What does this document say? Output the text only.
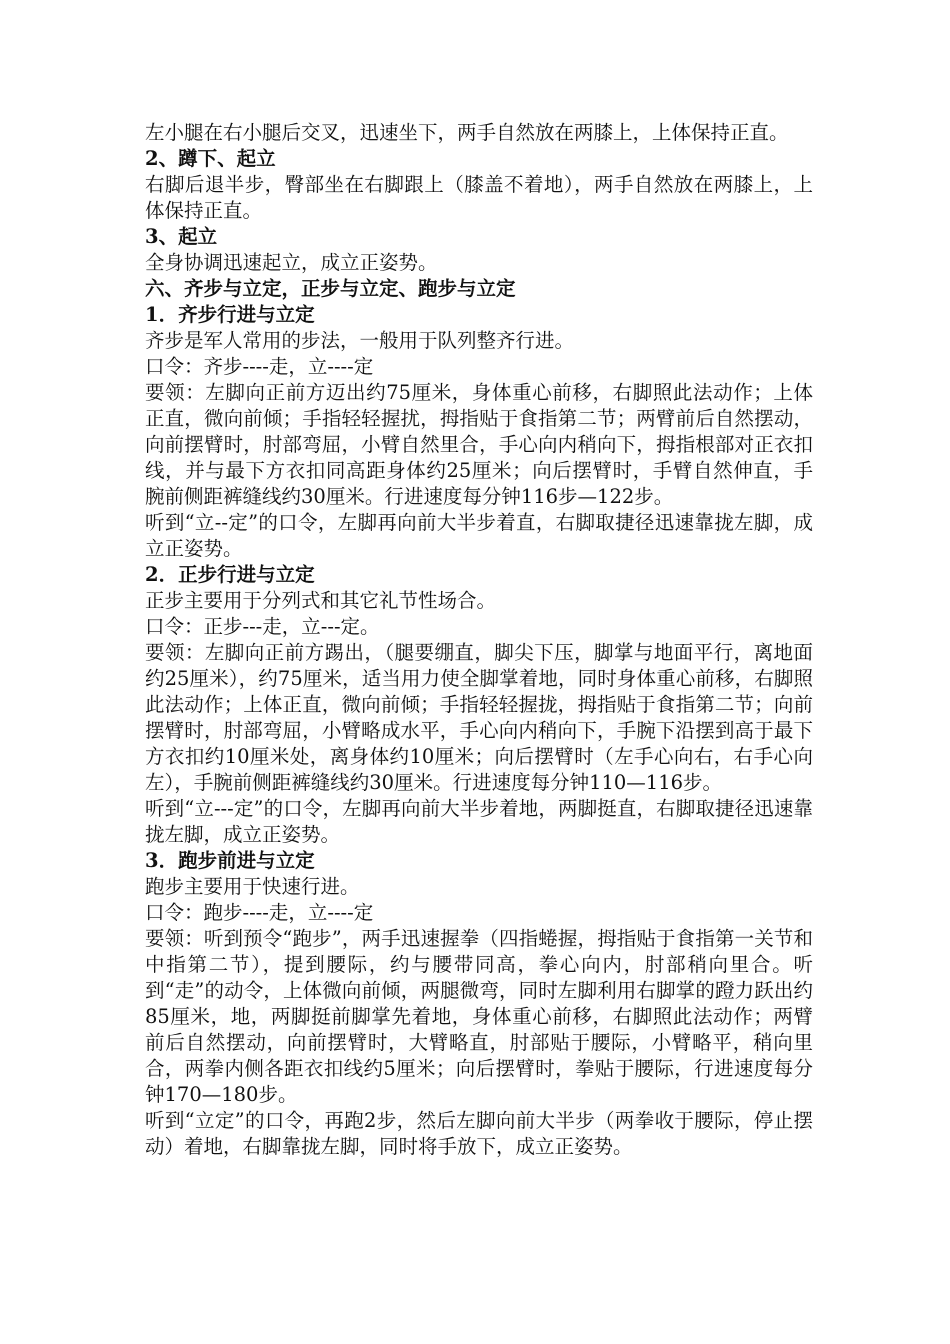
左小腿在右小腿后交叉，迅速坐下，两手自然放在两膝上，上体保持正直。

2、蹲下、起立

右脚后退半步，臀部坐在右脚跟上（膝盖不着地），两手自然放在两膝上，上体保持正直。

3、起立

全身协调迅速起立，成立正姿势。

六、齐步与立定，正步与立定、跑步与立定

1．齐步行进与立定

齐步是军人常用的步法，一般用于队列整齐行进。

口令：齐步----走，立----定

要领：左脚向正前方迈出约75厘米，身体重心前移，右脚照此法动作；上体正直，微向前倾；手指轻轻握扰，拇指贴于食指第二节；两臂前后自然摆动，向前摆臂时，肘部弯屈，小臂自然里合，手心向内稍向下，拇指根部对正衣扣线，并与最下方衣扣同高距身体约25厘米；向后摆臂时，手臂自然伸直，手腕前侧距裤缝线约30厘米。行进速度每分钟116步—122步。

听到“立--定”的口令，左脚再向前大半步着直，右脚取捷径迅速靠拢左脚，成立正姿势。

2．正步行进与立定

正步主要用于分列式和其它礼节性场合。

口令：正步---走，立---定。

要领：左脚向正前方踢出，（腿要绷直，脚尖下压，脚掌与地面平行，离地面约25厘米），约75厘米，适当用力使全脚掌着地，同时身体重心前移，右脚照此法动作；上体正直，微向前倾；手指轻轻握拢，拇指贴于食指第二节；向前摆臂时，肘部弯屈，小臂略成水平，手心向内稍向下，手腕下沿摆到高于最下方衣扣约10厘米处，离身体约10厘米；向后摆臂时（左手心向右，右手心向左），手腕前侧距裤缝线约30厘米。行进速度每分钟110—116步。

听到“立---定”的口令，左脚再向前大半步着地，两脚挺直，右脚取捷径迅速靠拢左脚，成立正姿势。

3．跑步前进与立定

跑步主要用于快速行进。

口令：跑步----走，立----定

要领：听到预令“跑步”，两手迅速握拳（四指蜷握，拇指贴于食指第一关节和中指第二节），提到腰际，约与腰带同高，拳心向内，肘部稍向里合。听到“走”的动令，上体微向前倾，两腿微弯，同时左脚利用右脚掌的蹬力跃出约85厘米，地，两脚挺前脚掌先着地，身体重心前移，右脚照此法动作；两臂前后自然摆动，向前摆臂时，大臂略直，肘部贴于腰际，小臂略平，稍向里合，两拳内侧各距衣扣线约5厘米；向后摆臂时，拳贴于腰际，行进速度每分钟170—180步。

听到“立定”的口令，再跑2步，然后左脚向前大半步（两拳收于腰际，停止摆动）着地，右脚靠拢左脚，同时将手放下，成立正姿势。
